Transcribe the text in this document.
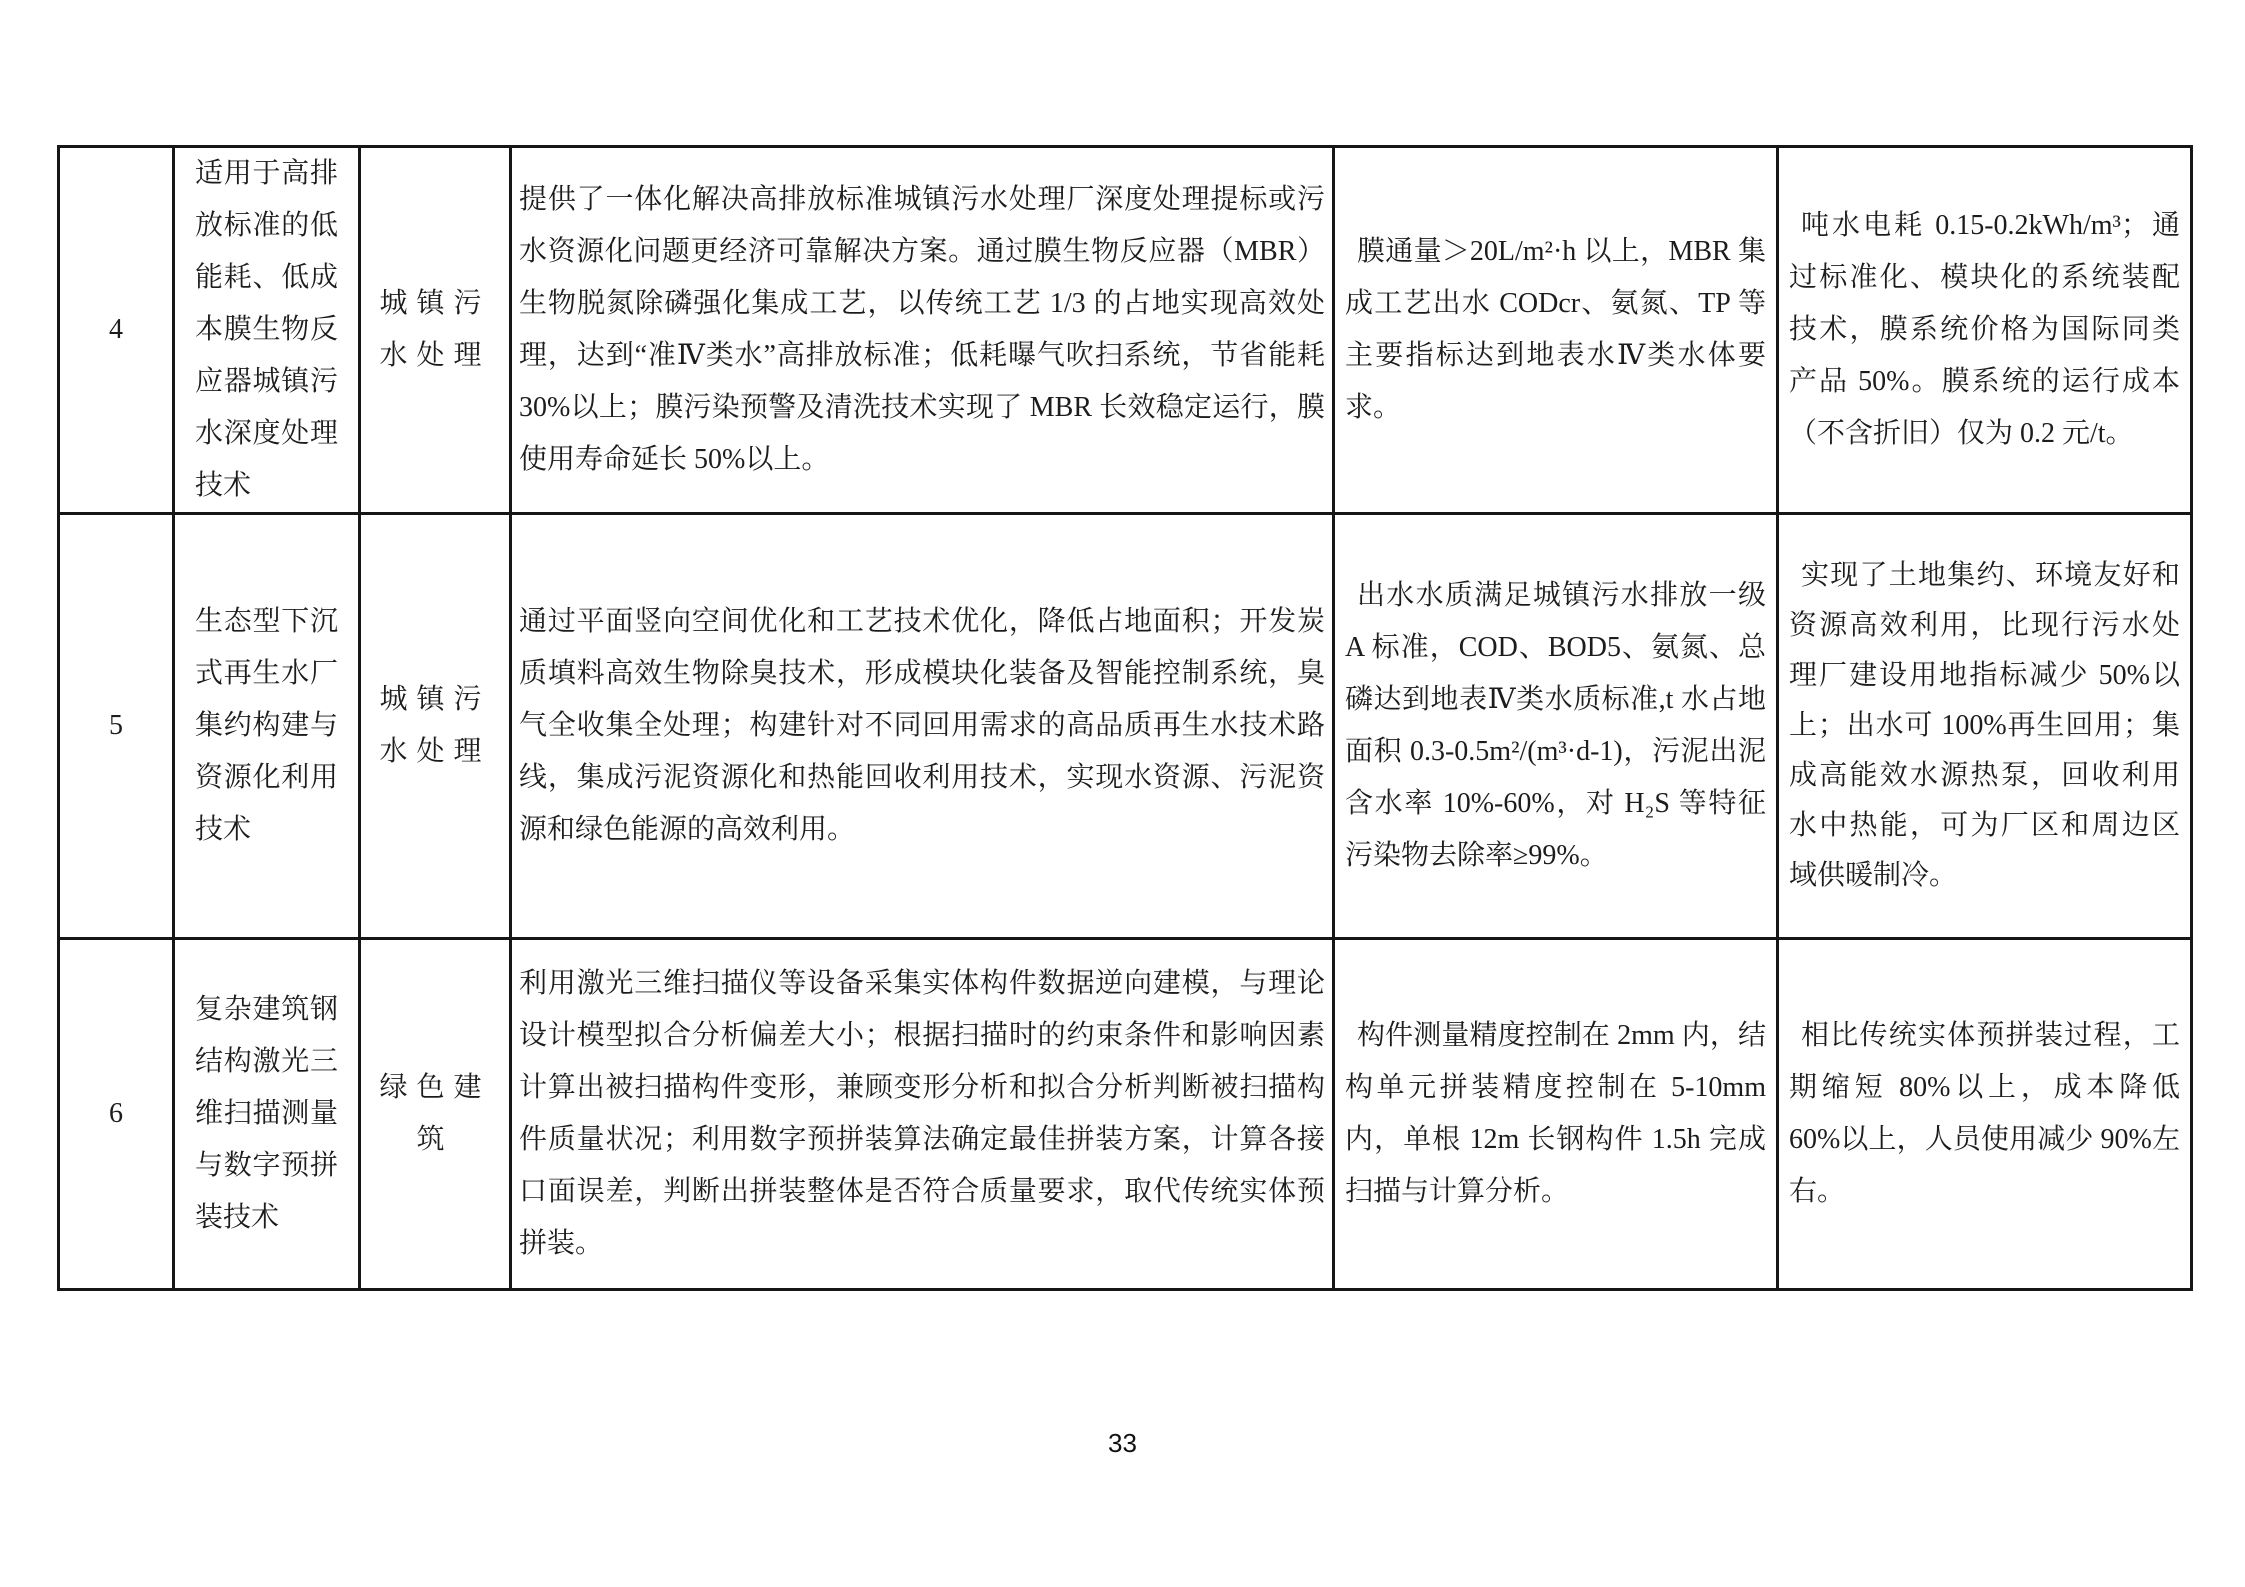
4	适用于高排放标准的低能耗、低成本膜生物反应器城镇污水深度处理技术	城镇污水处理	提供了一体化解决高排放标准城镇污水处理厂深度处理提标或污水资源化问题更经济可靠解决方案。通过膜生物反应器（MBR）生物脱氮除磷强化集成工艺，以传统工艺 1/3 的占地实现高效处理，达到“准Ⅳ类水”高排放标准；低耗曝气吹扫系统，节省能耗 30%以上；膜污染预警及清洗技术实现了 MBR 长效稳定运行，膜使用寿命延长 50%以上。	膜通量＞20L/m²·h 以上，MBR 集成工艺出水 CODcr、氨氮、TP 等主要指标达到地表水Ⅳ类水体要求。	吨水电耗 0.15-0.2kWh/m³；通过标准化、模块化的系统装配技术，膜系统价格为国际同类产品 50%。膜系统的运行成本（不含折旧）仅为 0.2 元/t。
5	生态型下沉式再生水厂集约构建与资源化利用技术	城镇污水处理	通过平面竖向空间优化和工艺技术优化，降低占地面积；开发炭质填料高效生物除臭技术，形成模块化装备及智能控制系统，臭气全收集全处理；构建针对不同回用需求的高品质再生水技术路线，集成污泥资源化和热能回收利用技术，实现水资源、污泥资源和绿色能源的高效利用。	出水水质满足城镇污水排放一级 A 标准，COD、BOD5、氨氮、总磷达到地表Ⅳ类水质标准,t 水占地面积 0.3-0.5m²/(m³·d-1)，污泥出泥含水率 10%-60%，对 H₂S 等特征污染物去除率≥99%。	实现了土地集约、环境友好和资源高效利用，比现行污水处理厂建设用地指标减少 50%以上；出水可 100%再生回用；集成高能效水源热泵，回收利用水中热能，可为厂区和周边区域供暖制冷。
6	复杂建筑钢结构激光三维扫描测量与数字预拼装技术	绿色建筑	利用激光三维扫描仪等设备采集实体构件数据逆向建模，与理论设计模型拟合分析偏差大小；根据扫描时的约束条件和影响因素计算出被扫描构件变形，兼顾变形分析和拟合分析判断被扫描构件质量状况；利用数字预拼装算法确定最佳拼装方案，计算各接口面误差，判断出拼装整体是否符合质量要求，取代传统实体预拼装。	构件测量精度控制在 2mm 内，结构单元拼装精度控制在 5-10mm 内，单根 12m 长钢构件 1.5h 完成扫描与计算分析。	相比传统实体预拼装过程，工期缩短 80%以上，成本降低 60%以上，人员使用减少 90%左右。
33
